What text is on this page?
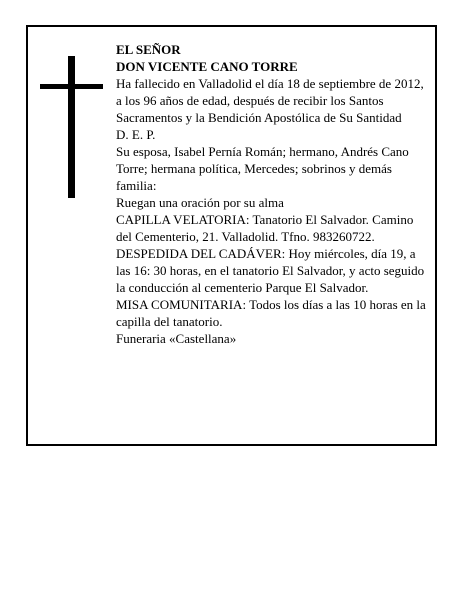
EL SEÑOR

DON VICENTE CANO TORRE

Ha fallecido en Valladolid el día 18 de septiembre de 2012, a los 96 años de edad, después de recibir los Santos Sacramentos y la Bendición Apostólica de Su Santidad

D. E. P.

Su esposa, Isabel Pernía Román; hermano, Andrés Cano Torre; hermana política, Mercedes; sobrinos y demás familia:

Ruegan una oración por su alma

CAPILLA VELATORIA: Tanatorio El Salvador. Camino del Cementerio, 21. Valladolid. Tfno. 983260722.

DESPEDIDA DEL CADÁVER: Hoy miércoles, día 19, a las 16: 30 horas, en el tanatorio El Salvador, y acto seguido la conducción al cementerio Parque El Salvador.

MISA COMUNITARIA: Todos los días a las 10 horas en la capilla del tanatorio.

Funeraria «Castellana»
